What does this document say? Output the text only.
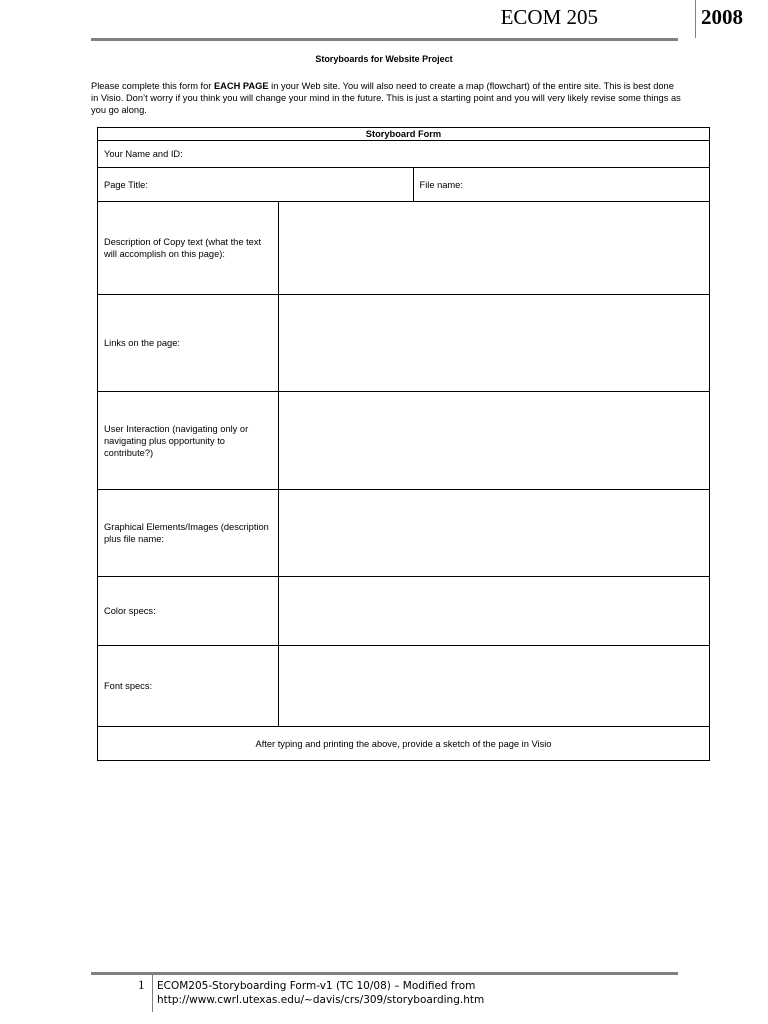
ECOM 205	2008
Storyboards for Website Project
Please complete this form for EACH PAGE in your Web site. You will also need to create a map (flowchart) of the entire site. This is best done in Visio. Don’t worry if you think you will change your mind in the future. This is just a starting point and you will very likely revise some things as you go along.
Storyboard Form		
Your Name and ID:		
Page Title:		File name:
Description of Copy text (what the text will accomplish on this page):		
Links on the page:		
User Interaction (navigating only or navigating plus opportunity to contribute?)		
Graphical Elements/Images (description plus file name:		
Color specs:		
Font specs:		
After typing and printing the above, provide a sketch of the page in Visio		
1 ECOM205-Storyboarding Form-v1 (TC 10/08) – Modified from
http://www.cwrl.utexas.edu/~davis/crs/309/storyboarding.htm
